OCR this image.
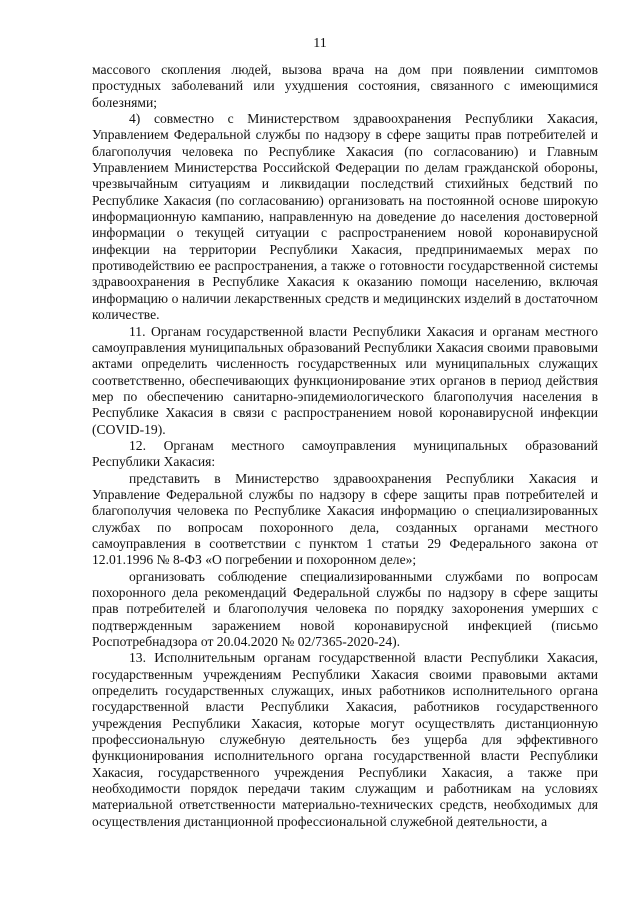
11

массового скопления людей, вызова врача на дом при появлении симптомов простудных заболеваний или ухудшения состояния, связанного с имеющимися болезнями;

4) совместно с Министерством здравоохранения Республики Хакасия, Управлением Федеральной службы по надзору в сфере защиты прав потребителей и благополучия человека по Республике Хакасия (по согласованию) и Главным Управлением Министерства Российской Федерации по делам гражданской обороны, чрезвычайным ситуациям и ликвидации последствий стихийных бедствий по Республике Хакасия (по согласованию) организовать на постоянной основе широкую информационную кампанию, направленную на доведение до населения достоверной информации о текущей ситуации с распространением новой коронавирусной инфекции на территории Республики Хакасия, предпринимаемых мерах по противодействию ее распространения, а также о готовности государственной системы здравоохранения в Республике Хакасия к оказанию помощи населению, включая информацию о наличии лекарственных средств и медицинских изделий в достаточном количестве.

11. Органам государственной власти Республики Хакасия и органам местного самоуправления муниципальных образований Республики Хакасия своими правовыми актами определить численность государственных или муниципальных служащих соответственно, обеспечивающих функционирование этих органов в период действия мер по обеспечению санитарно-эпидемиологического благополучия населения в Республике Хакасия в связи с распространением новой коронавирусной инфекции (COVID-19).

12. Органам местного самоуправления муниципальных образований Республики Хакасия:

представить в Министерство здравоохранения Республики Хакасия и Управление Федеральной службы по надзору в сфере защиты прав потребителей и благополучия человека по Республике Хакасия информацию о специализированных службах по вопросам похоронного дела, созданных органами местного самоуправления в соответствии с пунктом 1 статьи 29 Федерального закона от 12.01.1996 № 8-ФЗ «О погребении и похоронном деле»;

организовать соблюдение специализированными службами по вопросам похоронного дела рекомендаций Федеральной службы по надзору в сфере защиты прав потребителей и благополучия человека по порядку захоронения умерших с подтвержденным заражением новой коронавирусной инфекцией (письмо Роспотребнадзора от 20.04.2020 № 02/7365-2020-24).

13. Исполнительным органам государственной власти Республики Хакасия, государственным учреждениям Республики Хакасия своими правовыми актами определить государственных служащих, иных работников исполнительного органа государственной власти Республики Хакасия, работников государственного учреждения Республики Хакасия, которые могут осуществлять дистанционную профессиональную служебную деятельность без ущерба для эффективного функционирования исполнительного органа государственной власти Республики Хакасия, государственного учреждения Республики Хакасия, а также при необходимости порядок передачи таким служащим и работникам на условиях материальной ответственности материально-технических средств, необходимых для осуществления дистанционной профессиональной служебной деятельности, а
